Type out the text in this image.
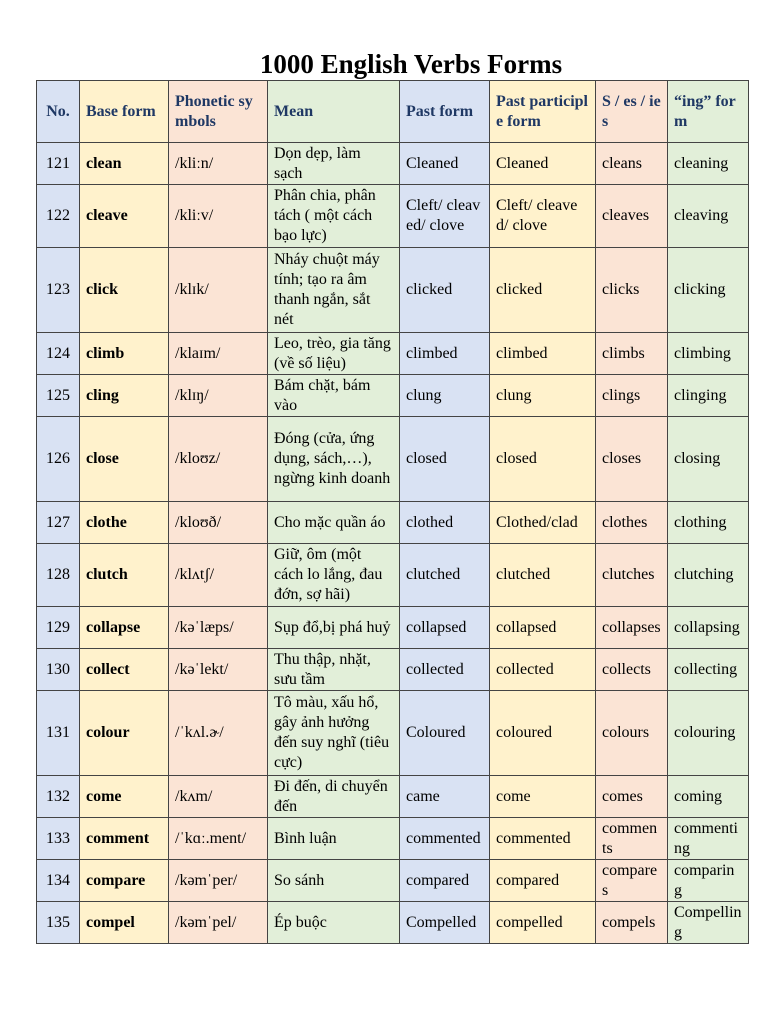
1000 English Verbs Forms
No.	Base form	Phonetic symbols	Mean	Past form	Past participle form	S / es / ies	“ing” form
121	clean	/kliːn/	Dọn dẹp, làm sạch	Cleaned	Cleaned	cleans	cleaning
122	cleave	/kliːv/	Phân chia, phân tách ( một cách bạo lực)	Cleft/ cleaved/ clove	Cleft/ cleaved/ clove	cleaves	cleaving
123	click	/klɪk/	Nháy chuột máy tính; tạo ra âm thanh ngắn, sắt nét	clicked	clicked	clicks	clicking
124	climb	/klaɪm/	Leo, trèo, gia tăng (về số liệu)	climbed	climbed	climbs	climbing
125	cling	/klɪŋ/	Bám chặt, bám vào	clung	clung	clings	clinging
126	close	/kloʊz/	Đóng (cửa, ứng dụng, sách,…), ngừng kinh doanh	closed	closed	closes	closing
127	clothe	/kloʊð/	Cho mặc quần áo	clothed	Clothed/clad	clothes	clothing
128	clutch	/klʌtʃ/	Giữ, ôm (một cách lo lắng, đau đớn, sợ hãi)	clutched	clutched	clutches	clutching
129	collapse	/kəˈlæps/	Sụp đổ,bị phá huỷ	collapsed	collapsed	collapses	collapsing
130	collect	/kəˈlekt/	Thu thập, nhặt, sưu tầm	collected	collected	collects	collecting
131	colour	/ˈkʌl.ɚ/	Tô màu, xấu hổ, gây ảnh hưởng đến suy nghĩ (tiêu cực)	Coloured	coloured	colours	colouring
132	come	/kʌm/	Đi đến, di chuyển đến	came	come	comes	coming
133	comment	/ˈkɑː.ment/	Bình luận	commented	commented	comments	commenting
134	compare	/kəmˈper/	So sánh	compared	compared	compares	comparing
135	compel	/kəmˈpel/	Ép buộc	Compelled	compelled	compels	Compelling
